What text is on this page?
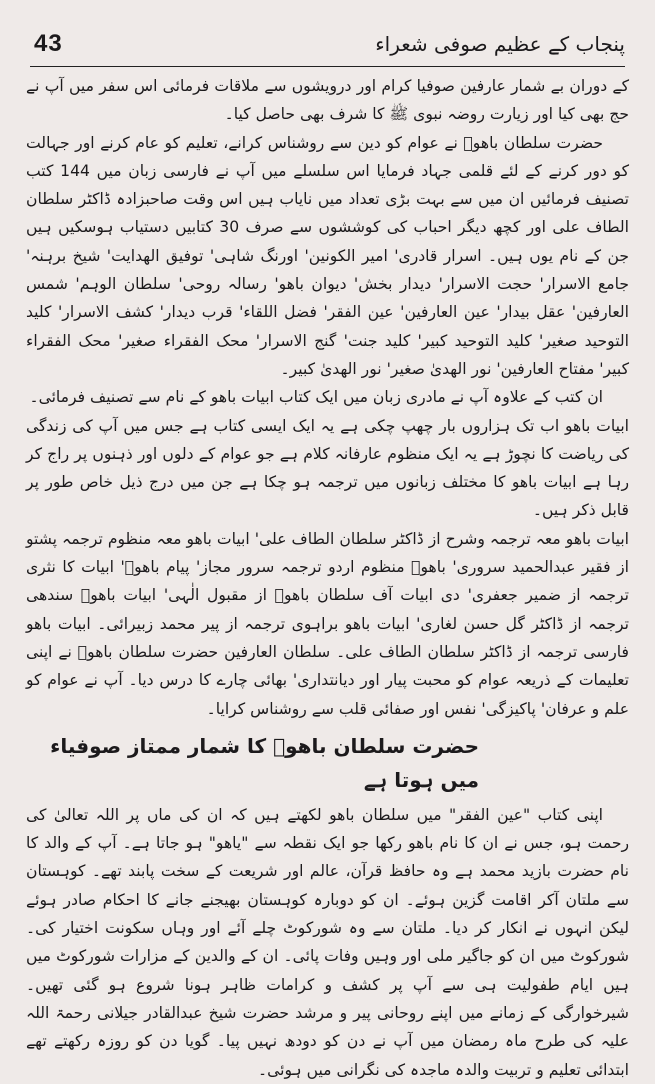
43	پنجاب کے عظیم صوفی شعراء

کے دوران بے شمار عارفین صوفیا کرام اور درویشوں سے ملاقات فرمائی اس سفر میں آپ نے حج بھی کیا اور زیارت روضہ نبوی ﷺ کا شرف بھی حاصل کیا۔

حضرت سلطان باھوؒ نے عوام کو دین سے روشناس کرانے، تعلیم کو عام کرنے اور جہالت کو دور کرنے کے لئے قلمی جہاد فرمایا اس سلسلے میں آپ نے فارسی زبان میں 144 کتب تصنیف فرمائیں ان میں سے بہت بڑی تعداد میں نایاب ہیں اس وقت صاحبزادہ ڈاکٹر سلطان الطاف علی اور کچھ دیگر احباب کی کوششوں سے صرف 30 کتابیں دستیاب ہوسکیں ہیں جن کے نام یوں ہیں۔ اسرار قادری' امیر الکونین' اورنگ شاہی' توفیق الھدایت' شیخ برہنہ' جامع الاسرار' حجت الاسرار' دیدار بخش' دیوان باھو' رسالہ روحی' سلطان الوہم' شمس العارفین' عقل بیدار' عین العارفین' عین الفقر' فضل اللقاء' قرب دیدار' کشف الاسرار' کلید التوحید صغیر' کلید التوحید کبیر' کلید جنت' گنج الاسرار' محک الفقراء صغیر' محک الفقراء کبیر' مفتاح العارفین' نور الھدیٰ صغیر' نور الھدیٰ کبیر۔

ان کتب کے علاوہ آپ نے مادری زبان میں ایک کتاب ابیات باھو کے نام سے تصنیف فرمائی۔

ابیات باھو اب تک ہزاروں بار چھپ چکی ہے یہ ایک ایسی کتاب ہے جس میں آپ کی زندگی کی ریاضت کا نچوڑ ہے یہ ایک منظوم عارفانہ کلام ہے جو عوام کے دلوں اور ذہنوں پر راج کر رہا ہے ابیات باھو کا مختلف زبانوں میں ترجمہ ہو چکا ہے جن میں درج ذیل خاص طور پر قابل ذکر ہیں۔

ابیات باھو معہ ترجمہ وشرح از ڈاکٹر سلطان الطاف علی' ابیات باھو معہ منظوم ترجمہ پشتو از فقیر عبدالحمید سروری' باھوؒ منظوم اردو ترجمہ سرور مجاز' پیام باھوؒ' ابیات کا نثری ترجمہ از ضمیر جعفری' دی ابیات آف سلطان باھوؒ از مقبول الٰہی' ابیات باھوؒ سندھی ترجمہ از ڈاکٹر گل حسن لغاری' ابیات باھو براہوی ترجمہ از پیر محمد زبیرائی۔ ابیات باھو فارسی ترجمہ از ڈاکٹر سلطان الطاف علی۔ سلطان العارفین حضرت سلطان باھوؒ نے اپنی تعلیمات کے ذریعہ عوام کو محبت پیار اور دیانتداری' بھائی چارے کا درس دیا۔ آپ نے عوام کو علم و عرفان' پاکیزگی' نفس اور صفائی قلب سے روشناس کرایا۔

حضرت سلطان باھوؒ کا شمار ممتاز صوفیاء میں ہوتا ہے

اپنی کتاب "عین الفقر" میں سلطان باھو لکھتے ہیں کہ ان کی ماں پر اللہ تعالیٰ کی رحمت ہو، جس نے ان کا نام باھو رکھا جو ایک نقطہ سے "یاھو" ہو جاتا ہے۔ آپ کے والد کا نام حضرت بازید محمد ہے وہ حافظ قرآن، عالم اور شریعت کے سخت پابند تھے۔ کوہستان سے ملتان آکر اقامت گزین ہوئے۔ ان کو دوبارہ کوہستان بھیجنے جانے کا احکام صادر ہوئے لیکن انہوں نے انکار کر دیا۔ ملتان سے وہ شورکوٹ چلے آئے اور وہاں سکونت اختیار کی۔ شورکوٹ میں ان کو جاگیر ملی اور وہیں وفات پائی۔ ان کے والدین کے مزارات شورکوٹ میں ہیں ایام طفولیت ہی سے آپ پر کشف و کرامات ظاہر ہونا شروع ہو گئی تھیں۔ شیرخوارگی کے زمانے میں اپنے روحانی پیر و مرشد حضرت شیخ عبدالقادر جیلانی رحمۃ اللہ علیہ کی طرح ماہ رمضان میں آپ نے دن کو دودھ نہیں پیا۔ گویا دن کو روزہ رکھتے تھے ابتدائی تعلیم و تربیت والدہ ماجدہ کی نگرانی میں ہوئی۔
